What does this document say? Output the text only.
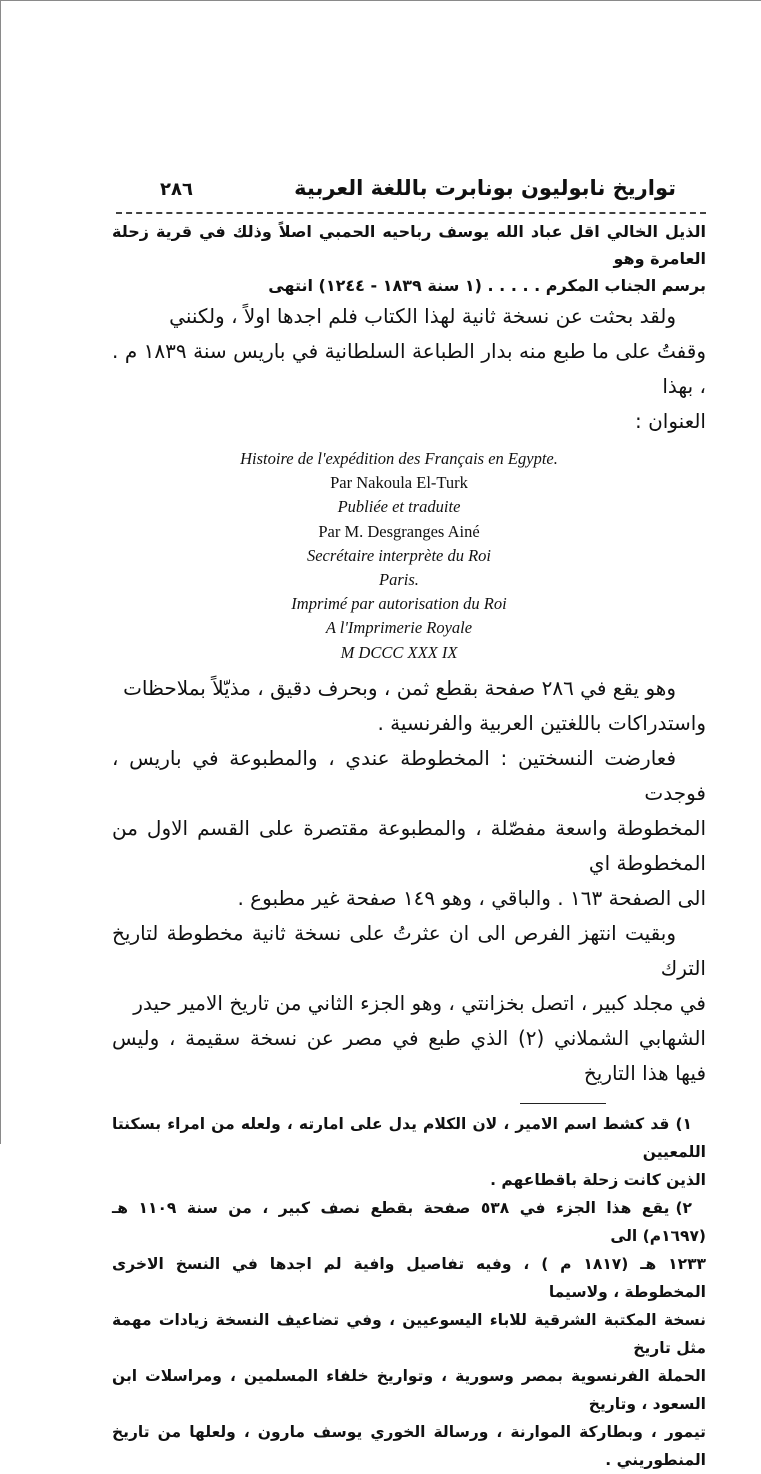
تواريخ نابوليون بونابرت باللغة العربية
٢٨٦
الذيل الخالي اقل عباد الله يوسف رباحيه الحمبي اصلاً وذلك في قرية زحلة العامرة وهو
برسم الجناب المكرم . . . . . (١ سنة ١٨٣٩ - ١٢٤٤) انتهى
ولقد بحثت عن نسخة ثانية لهذا الكتاب فلم اجدها اولاً ، ولكنني
وقفتُ على ما طبع منه بدار الطباعة السلطانية في باريس سنة ١٨٣٩ م . ، بهذا
العنوان :
Histoire de l'expédition des Français en Egypte.
Par Nakoula El-Turk
Publiée et traduite
Par M. Desgranges Ainé
Secrétaire interprète du Roi
Paris.
Imprimé par autorisation du Roi
A l'Imprimerie Royale
M DCCC XXX IX
وهو يقع في ٢٨٦ صفحة بقطع ثمن ، وبحرف دقيق ، مذيّلاً بملاحظات
واستدراكات باللغتين العربية والفرنسية .
فعارضت النسختين : المخطوطة عندي ، والمطبوعة في باريس ، فوجدت
المخطوطة واسعة مفصّلة ، والمطبوعة مقتصرة على القسم الاول من المخطوطة اي
الى الصفحة ١٦٣ . والباقي ، وهو ١٤٩ صفحة غير مطبوع .
وبقيت انتهز الفرص الى ان عثرتُ على نسخة ثانية مخطوطة لتاريخ الترك
في مجلد كبير ، اتصل بخزانتي ، وهو الجزء الثاني من تاريخ الامير حيدر
الشهابي الشملاني (٢) الذي طبع في مصر عن نسخة سقيمة ، وليس فيها هذا التاريخ
١)قد كشط اسم الامير ، لان الكلام يدل على امارته ، ولعله من امراء بسكنتا اللمعيين
الذين كانت زحلة باقطاعهم .
٢)يقع هذا الجزء في ٥٣٨ صفحة بقطع نصف كبير ، من سنة ١١٠٩ هـ (١٦٩٧م) الى
١٢٣٣ هـ (١٨١٧ م ) ، وفيه تفاصيل وافية لم اجدها في النسخ الاخرى المخطوطة ، ولاسيما
نسخة المكتبة الشرقية للاباء اليسوعيين ، وفي تضاعيف النسخة زيادات مهمة مثل تاريخ
الحملة الفرنسوية بمصر وسورية ، وتواريخ خلفاء المسلمين ، ومراسلات ابن السعود ، وتاريخ
تيمور ، وبطاركة الموارنة ، ورسالة الخوري يوسف مارون ، ولعلها من تاريخ المنطوريني .
